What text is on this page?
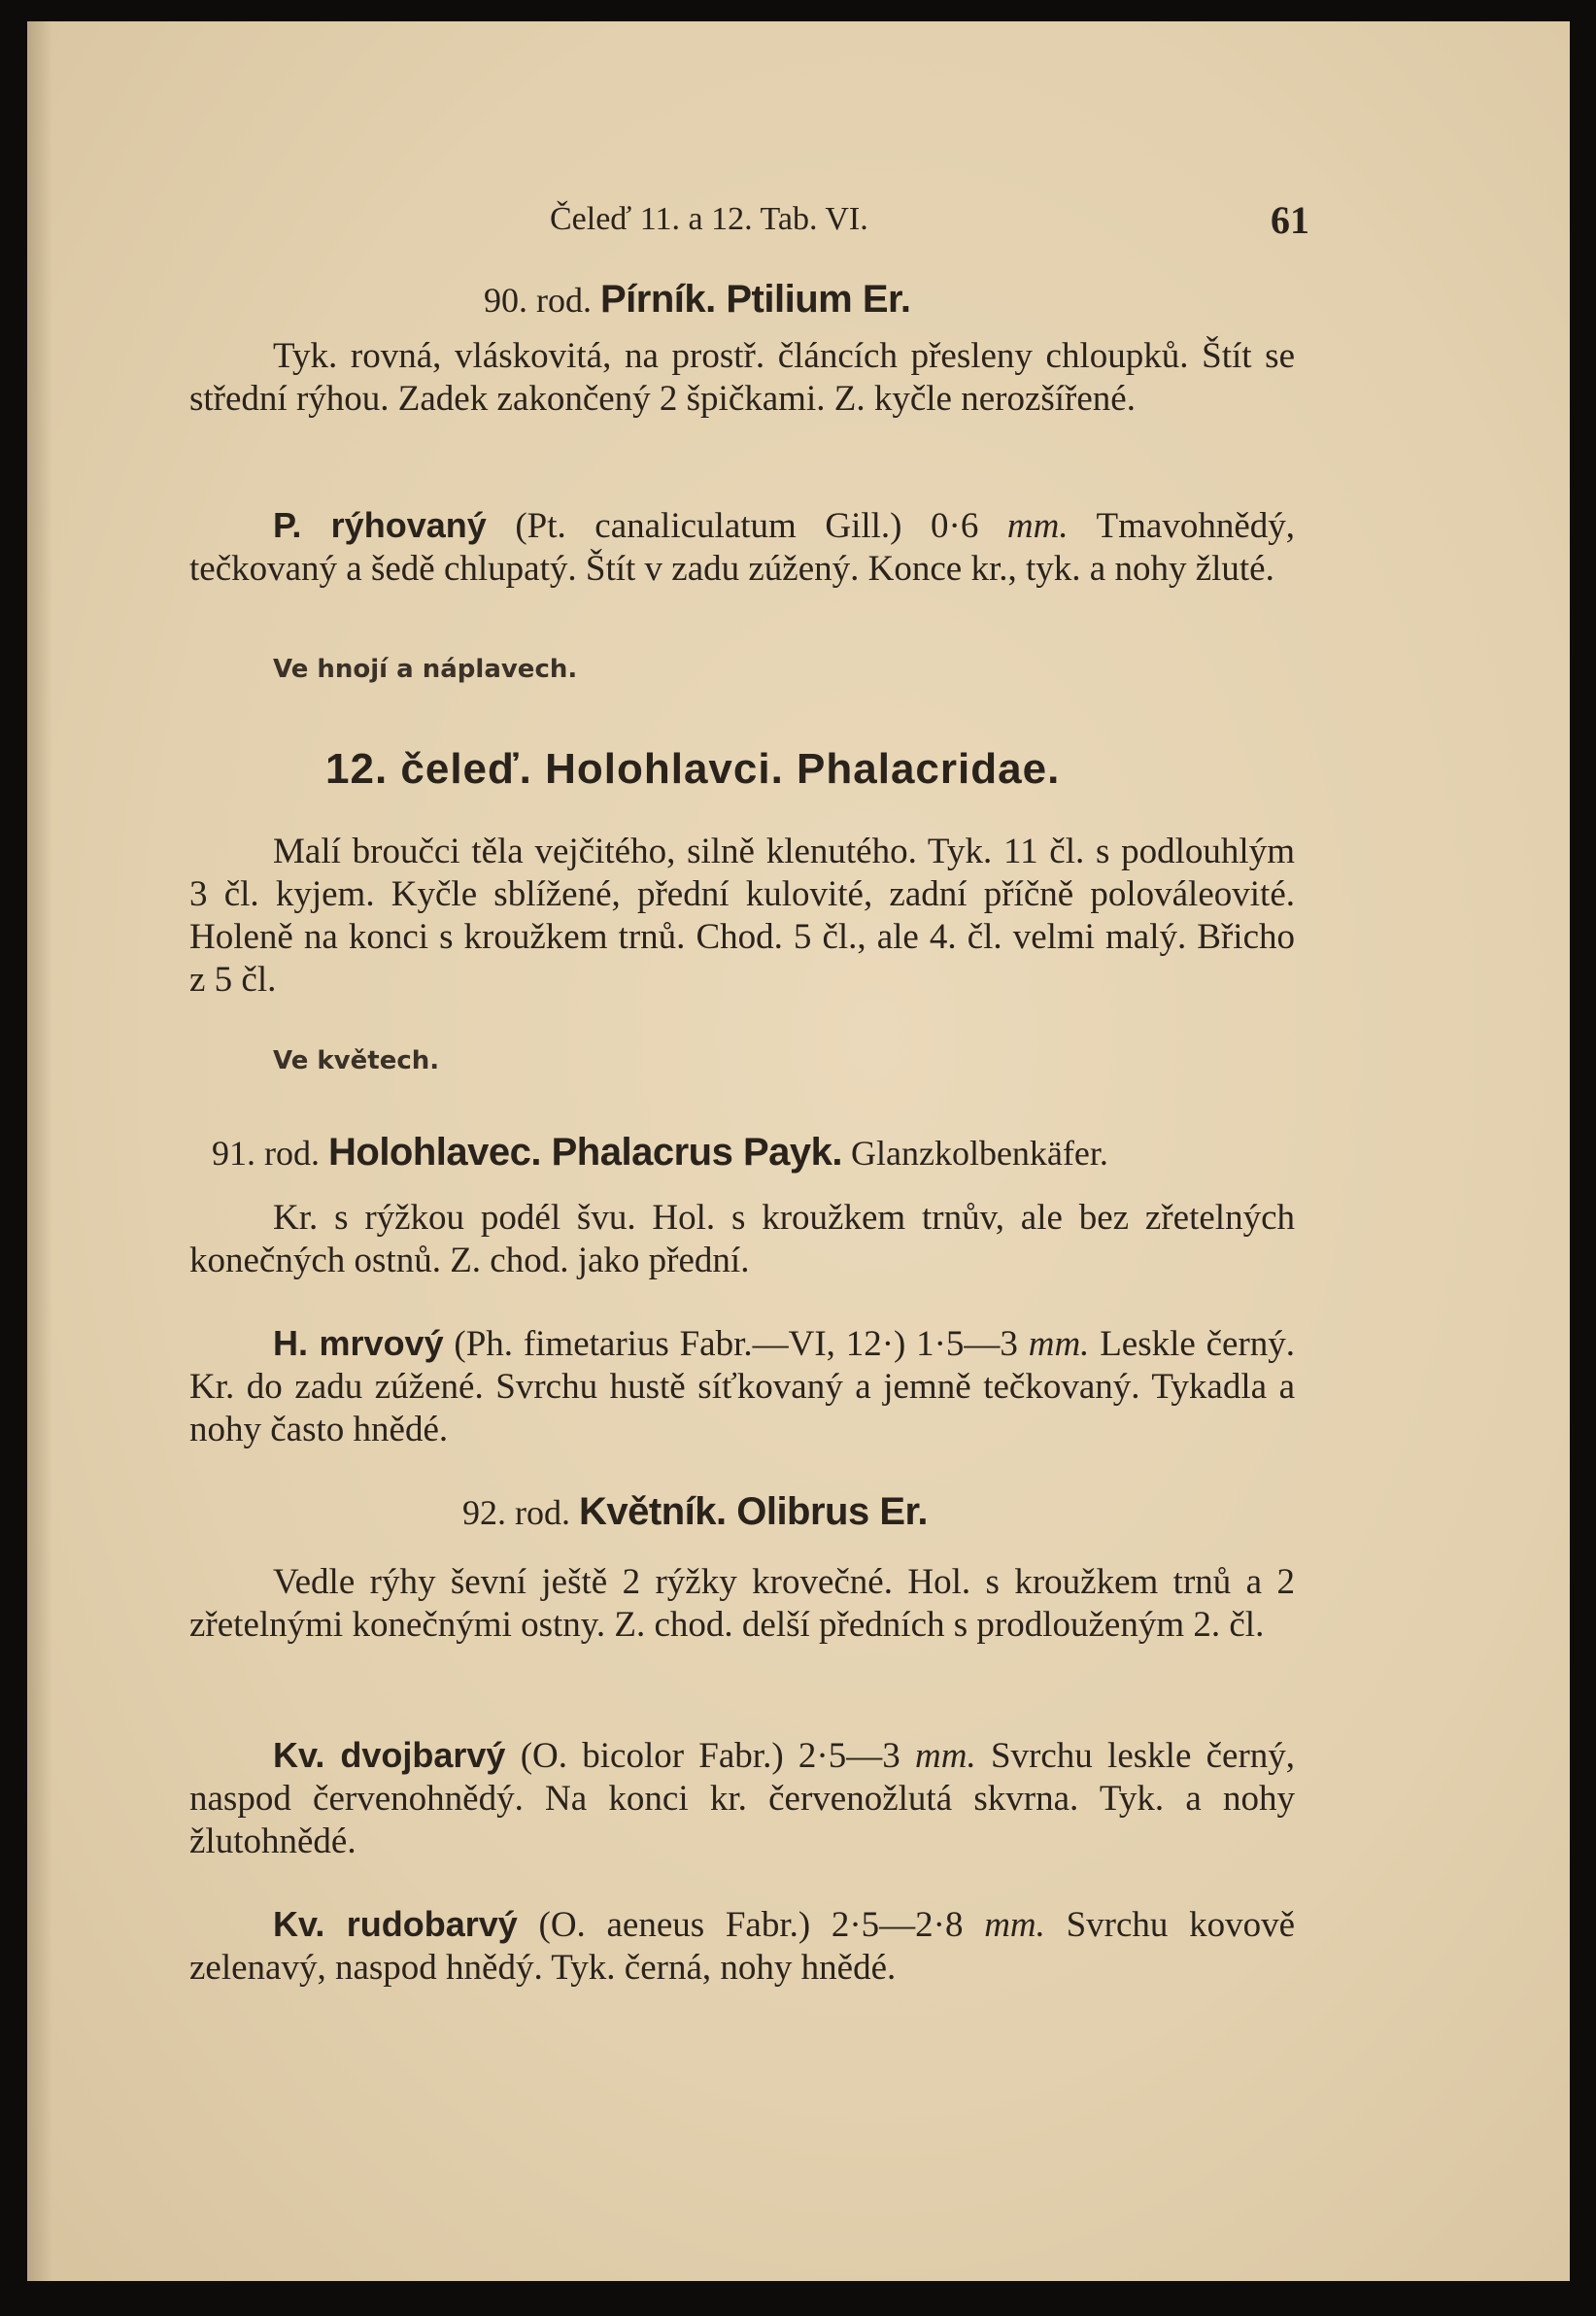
Čeleď 11. a 12. Tab. VI.	61
90. rod. Pírník. Ptilium Er.

Tyk. rovná, vláskovitá, na prostř. článcích přesleny chloupků. Štít se střední rýhou. Zadek zakončený 2 špičkami. Z. kyčle nerozšířené.

P. rýhovaný (Pt. canaliculatum Gill.) 0·6 mm. Tmavohnědý, tečkovaný a šedě chlupatý. Štít v zadu zúžený. Konce kr., tyk. a nohy žluté.

Ve hnojí a náplavech.
12. čeleď. Holohlavci. Phalacridae.

Malí broučci těla vejčitého, silně klenutého. Tyk. 11 čl. s podlouhlým 3 čl. kyjem. Kyčle sblížené, přední kulovité, zadní příčně polováleovité. Holeně na konci s kroužkem trnů. Chod. 5 čl., ale 4. čl. velmi malý. Břicho z 5 čl.

Ve květech.
91. rod. Holohlavec. Phalacrus Payk. Glanzkolbenkäfer.

Kr. s rýžkou podél švu. Hol. s kroužkem trnův, ale bez zřetelných konečných ostnů. Z. chod. jako přední.

H. mrvový (Ph. fimetarius Fabr.—VI, 12·) 1·5—3 mm. Leskle černý. Kr. do zadu zúžené. Svrchu hustě síťkovaný a jemně tečkovaný. Tykadla a nohy často hnědé.

92. rod. Květník. Olibrus Er.

Vedle rýhy ševní ještě 2 rýžky krovečné. Hol. s kroužkem trnů a 2 zřetelnými konečnými ostny. Z. chod. delší předních s prodlouženým 2. čl.

Kv. dvojbarvý (O. bicolor Fabr.) 2·5—3 mm. Svrchu leskle černý, naspod červenohnědý. Na konci kr. červenožlutá skvrna. Tyk. a nohy žlutohnědé.

Kv. rudobarvý (O. aeneus Fabr.) 2·5—2·8 mm. Svrchu kovově zelenavý, naspod hnědý. Tyk. černá, nohy hnědé.
